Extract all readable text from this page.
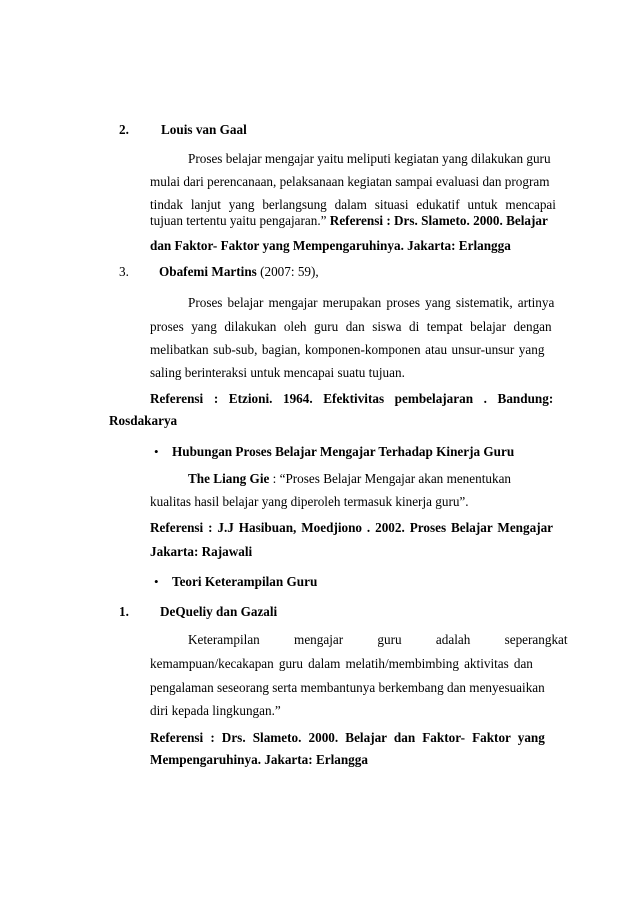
2. Louis van Gaal
Proses belajar mengajar yaitu meliputi kegiatan yang dilakukan guru
mulai dari perencanaan, pelaksanaan kegiatan sampai evaluasi dan program
tindak lanjut yang berlangsung dalam situasi edukatif untuk mencapai
tujuan tertentu yaitu pengajaran.” Referensi : Drs. Slameto. 2000. Belajar
dan Faktor- Faktor yang Mempengaruhinya. Jakarta: Erlangga
3. Obafemi Martins (2007: 59),
Proses belajar mengajar merupakan proses yang sistematik, artinya
proses yang dilakukan oleh guru dan siswa di tempat belajar dengan
melibatkan sub-sub, bagian, komponen-komponen atau unsur-unsur yang
saling berinteraksi untuk mencapai suatu tujuan.
Referensi : Etzioni. 1964. Efektivitas pembelajaran . Bandung:
Rosdakarya
• Hubungan Proses Belajar Mengajar Terhadap Kinerja Guru
The Liang Gie : “Proses Belajar Mengajar akan menentukan
kualitas hasil belajar yang diperoleh termasuk kinerja guru”.
Referensi : J.J Hasibuan, Moedjiono . 2002. Proses Belajar Mengajar
Jakarta: Rajawali
• Teori Keterampilan Guru
1. DeQueliy dan Gazali
Keterampilan mengajar guru adalah seperangkat
kemampuan/kecakapan guru dalam melatih/membimbing aktivitas dan
pengalaman seseorang serta membantunya berkembang dan menyesuaikan
diri kepada lingkungan.”
Referensi : Drs. Slameto. 2000. Belajar dan Faktor- Faktor yang
Mempengaruhinya. Jakarta: Erlangga
